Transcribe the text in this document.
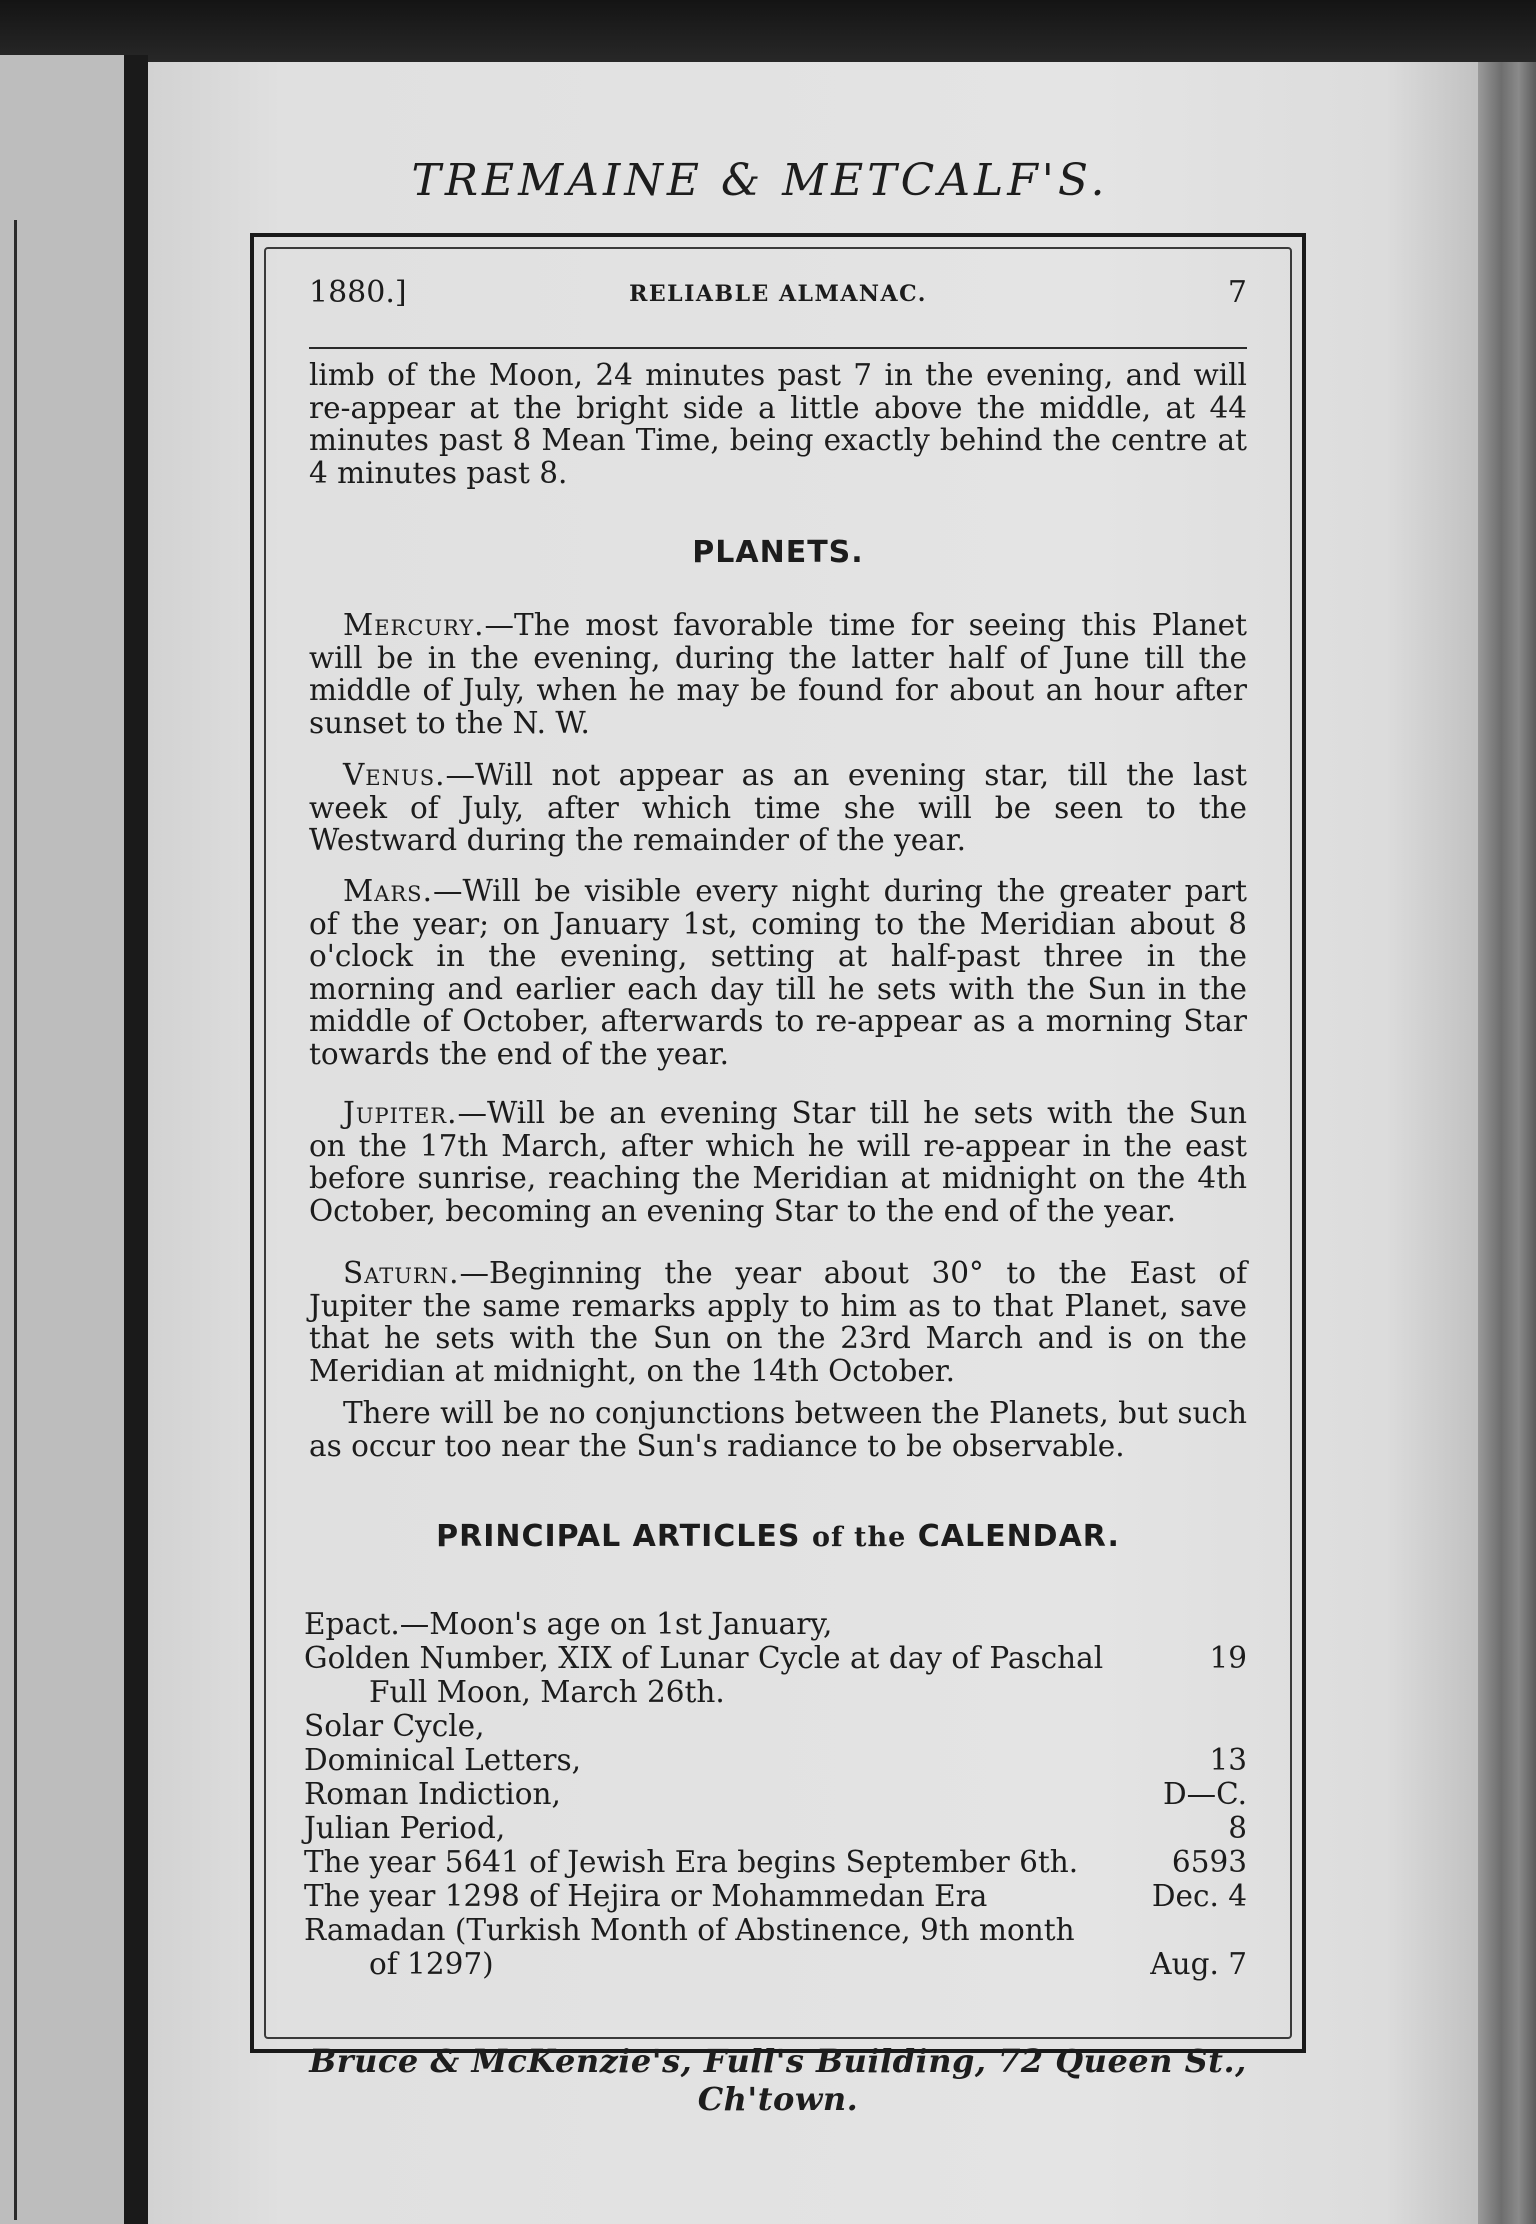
TREMAINE & METCALF'S.
1880.]	RELIABLE ALMANAC.	7

limb of the Moon, 24 minutes past 7 in the evening, and will re-appear at the bright side a little above the middle, at 44 minutes past 8 Mean Time, being exactly behind the centre at 4 minutes past 8.

PLANETS.

Mercury.—The most favorable time for seeing this Planet will be in the evening, during the latter half of June till the middle of July, when he may be found for about an hour after sunset to the N. W.

Venus.—Will not appear as an evening star, till the last week of July, after which time she will be seen to the Westward during the remainder of the year.

Mars.—Will be visible every night during the greater part of the year; on January 1st, coming to the Meridian about 8 o'clock in the evening, setting at half-past three in the morning and earlier each day till he sets with the Sun in the middle of October, afterwards to re-appear as a morning Star towards the end of the year.

Jupiter.—Will be an evening Star till he sets with the Sun on the 17th March, after which he will re-appear in the east before sunrise, reaching the Meridian at midnight on the 4th October, becoming an evening Star to the end of the year.

Saturn.—Beginning the year about 30° to the East of Jupiter the same remarks apply to him as to that Planet, save that he sets with the Sun on the 23rd March and is on the Meridian at midnight, on the 14th October.

There will be no conjunctions between the Planets, but such as occur too near the Sun's radiance to be observable.

PRINCIPAL ARTICLES of the CALENDAR.
Epact.—Moon's age on 1st January,
Golden Number, XIX of Lunar Cycle at day of Paschal	19
Full Moon, March 26th.
Solar Cycle,
Dominical Letters,	13
Roman Indiction,	D—C.
Julian Period,	8
The year 5641 of Jewish Era begins September 6th.	6593
The year 1298 of Hejira or Mohammedan Era	Dec. 4
Ramadan (Turkish Month of Abstinence, 9th month
of 1297)	Aug. 7
Bruce & McKenzie's, Full's Building, 72 Queen St., Ch'town.
